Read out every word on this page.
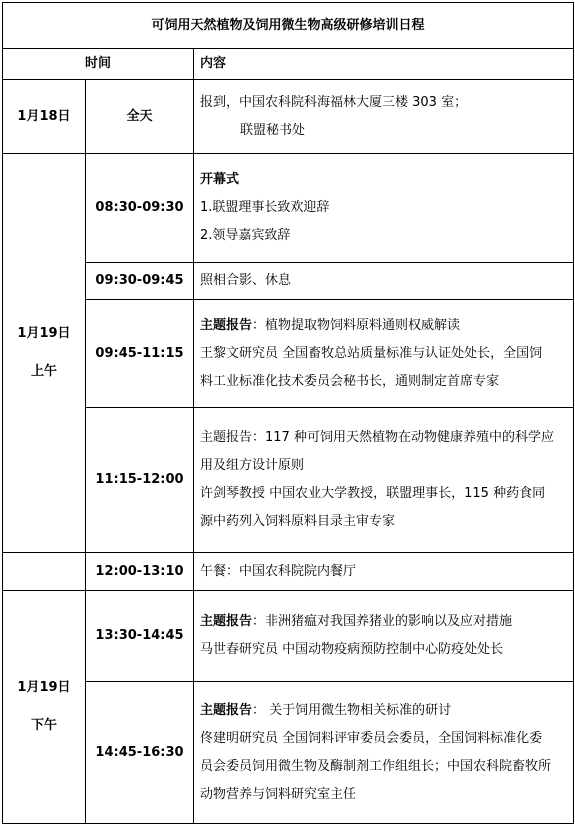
可饲用天然植物及饲用微生物高级研修培训日程		
时间		内容
1月18日	全天	报到，中国农科院科海福林大厦三楼 303 室；
联盟秘书处

1月19日
上午	08:30-09:30	开幕式
1.联盟理事长致欢迎辞
2.领导嘉宾致辞

	09:30-09:45	照相合影、休息

	09:45-11:15	主题报告：植物提取物饲料原料通则权威解读
王黎文研究员 全国畜牧总站质量标准与认证处处长，全国饲
料工业标准化技术委员会秘书长，通则制定首席专家

	11:15-12:00	主题报告：117 种可饲用天然植物在动物健康养殖中的科学应
用及组方设计原则
许剑琴教授 中国农业大学教授，联盟理事长，115 种药食同
源中药列入饲料原料目录主审专家

	12:00-13:10	午餐：中国农科院院内餐厅

1月19日
下午	13:30-14:45	主题报告：非洲猪瘟对我国养猪业的影响以及应对措施
马世春研究员 中国动物疫病预防控制中心防疫处处长

	14:45-16:30	主题报告： 关于饲用微生物相关标准的研讨
佟建明研究员 全国饲料评审委员会委员，全国饲料标准化委
员会委员饲用微生物及酶制剂工作组组长；中国农科院畜牧所
动物营养与饲料研究室主任
